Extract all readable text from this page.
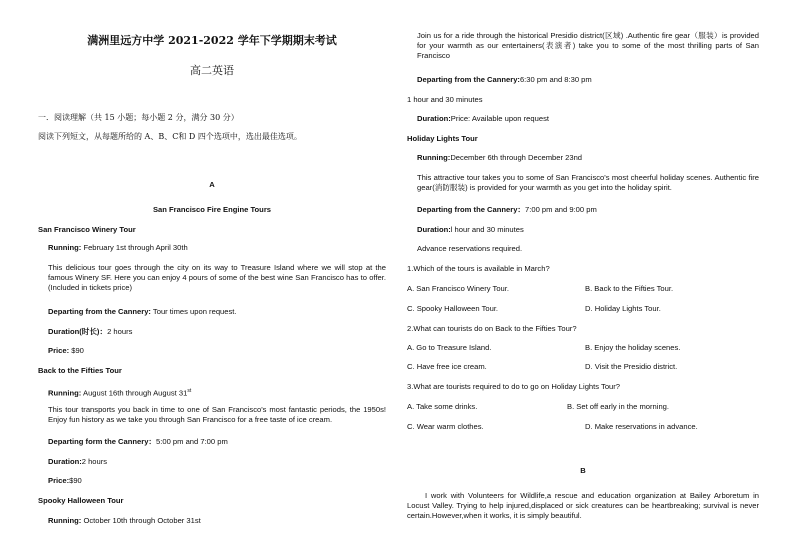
满洲里远方中学 2021-2022 学年下学期期末考试
高二英语
一．阅读理解（共 15 小题；每小题 2 分，满分 30 分）
阅读下列短文，从每题所给的 A、B、C和 D 四个选项中，选出最佳选项。
A
San Francisco Fire Engine Tours
San Francisco Winery Tour
Running: February 1st through April 30th
This delicious tour goes through the city on its way to Treasure Island where we will stop at the famous Winery SF. Here you can enjoy 4 pours of some of the best wine San Francisco has to offer. (Included in tickets price)
Departing from the Cannery: Tour times upon request.
Duration(时长)：2 hours
Price: $90
Back to the Fifties Tour
Running: August 16th through August 31st
This tour transports you back in time to one of San Francisco's most fantastic periods, the 1950s! Enjoy fun history as we take you through San Francisco for a free taste of ice cream.
Departing form the Cannery：5:00 pm and 7:00 pm
Duration:2 hours
Price:$90
Spooky Halloween Tour
Running: October 10th through October 31st
Join us for a ride through the historical Presidio district(区域) .Authentic fire gear（服装）is provided for your warmth as our entertainers(表演者) take you to some of the most thrilling parts of San Francisco
Departing from the Cannery:6:30 pm and 8:30 pm
1 hour and 30 minutes
Duration:Price: Available upon request
Holiday Lights Tour
Running:December 6th through December 23nd
This attractive tour takes you to some of San Francisco's most cheerful holiday scenes. Authentic fire gear(消防服装) is provided for your warmth as you get into the holiday spirit.
Departing from the Cannery：7:00 pm and 9:00 pm
Duration:l hour and 30 minutes
Advance reservations required.
1.Which of the tours is available in March?
A. San Francisco Winery Tour.	B. Back to the Fifties Tour.
C. Spooky Halloween Tour.	D. Holiday Lights Tour.
2.What can tourists do on Back to the Fifties Tour?
A. Go to Treasure Island.	B. Enjoy the holiday scenes.
C. Have free ice cream.	D. Visit the Presidio district.
3.What are tourists required to do to go on Holiday Lights Tour?
A. Take some drinks.	B. Set off early in the morning.
C. Wear warm clothes.	D. Make reservations in advance.
B
I work with Volunteers for Wildlife,a rescue and education organization at Bailey Arboretum in Locust Valley. Trying to help injured,displaced or sick creatures can be heartbreaking; survival is never certain.However,when it works, it is simply beautiful.
